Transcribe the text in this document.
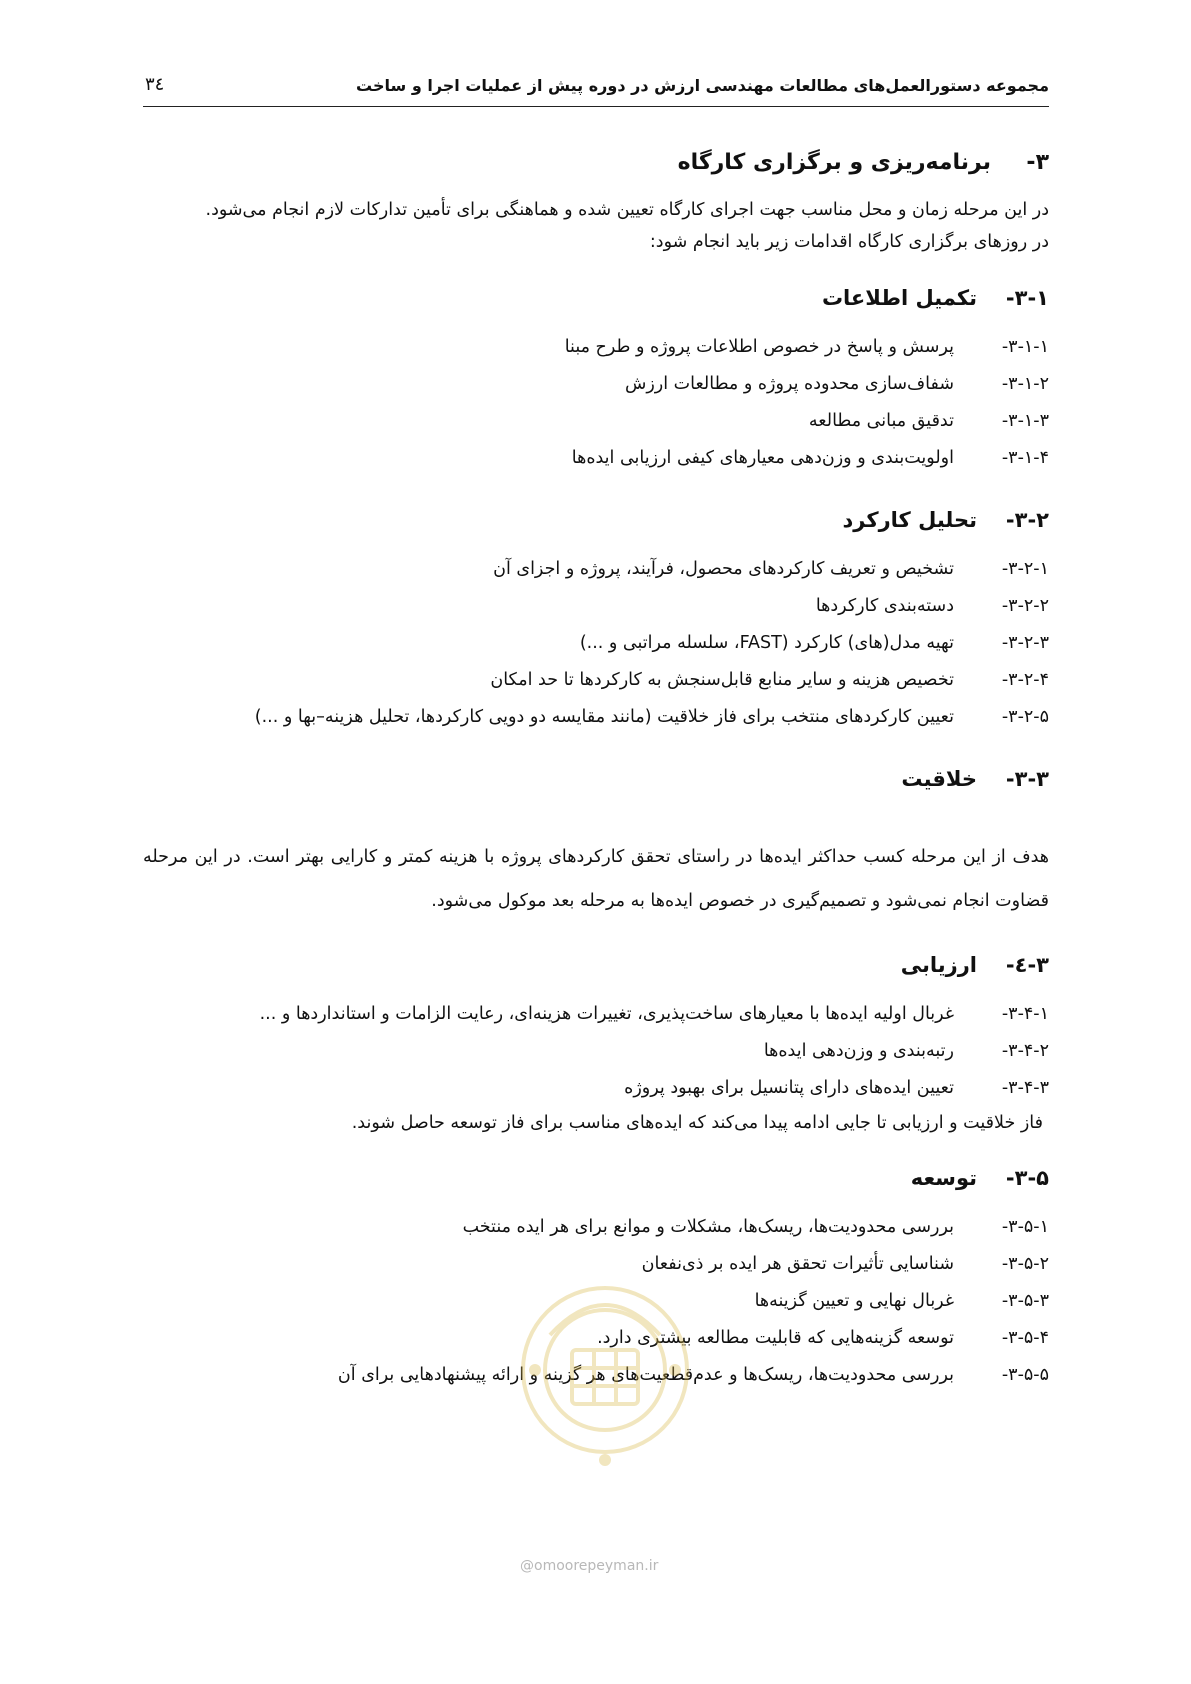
مجموعه دستورالعمل‌های مطالعات مهندسی ارزش در دوره پیش از عملیات اجرا و ساخت
۳٤
۳-برنامه‌ریزی و برگزاری کارگاه

در این مرحله زمان و محل مناسب جهت اجرای کارگاه تعیین شده و هماهنگی برای تأمین تدارکات لازم انجام می‌شود.

در روزهای برگزاری کارگاه اقدامات زیر باید انجام شود:

۳-۱-تکمیل اطلاعات
۳-۱-۱-پرسش و پاسخ در خصوص اطلاعات پروژه و طرح مبنا
۳-۱-۲-شفاف‌سازی محدوده پروژه و مطالعات ارزش
۳-۱-۳-تدقیق مبانی مطالعه
۳-۱-۴-اولویت‌بندی و وزن‌دهی معیارهای کیفی ارزیابی ایده‌ها
۳-۲-تحلیل کارکرد
۳-۲-۱-تشخیص و تعریف کارکردهای محصول، فرآیند، پروژه و اجزای آن
۳-۲-۲-دسته‌بندی کارکردها
۳-۲-۳-تهیه مدل(های) کارکرد (FAST، سلسله مراتبی و ...)
۳-۲-۴-تخصیص هزینه و سایر منابع قابل‌سنجش به کارکردها تا حد امکان
۳-۲-۵-تعیین کارکردهای منتخب برای فاز خلاقیت (مانند مقایسه دو دویی کارکردها، تحلیل هزینه–بها و ...)
۳-۳-خلاقیت

هدف از این مرحله کسب حداکثر ایده‌ها در راستای تحقق کارکردهای پروژه با هزینه کمتر و کارایی بهتر است. در این مرحله قضاوت انجام نمی‌شود و تصمیم‌گیری در خصوص ایده‌ها به مرحله بعد موکول می‌شود.

۳-٤-ارزیابی
۳-۴-۱-غربال اولیه ایده‌ها با معیارهای ساخت‌پذیری، تغییرات هزینه‌ای، رعایت الزامات و استانداردها و ...
۳-۴-۲-رتبه‌بندی و وزن‌دهی ایده‌ها
۳-۴-۳-تعیین ایده‌های دارای پتانسیل برای بهبود پروژه
فاز خلاقیت و ارزیابی تا جایی ادامه پیدا می‌کند که ایده‌های مناسب برای فاز توسعه حاصل شوند.
۳-۵-توسعه
۳-۵-۱-بررسی محدودیت‌ها، ریسک‌ها، مشکلات و موانع برای هر ایده منتخب
۳-۵-۲-شناسایی تأثیرات تحقق هر ایده بر ذی‌نفعان
۳-۵-۳-غربال نهایی و تعیین گزینه‌ها
۳-۵-۴-توسعه گزینه‌هایی که قابلیت مطالعه بیشتری دارد.
۳-۵-۵-بررسی محدودیت‌ها، ریسک‌ها و عدم‌قطعیت‌های هر گزینه و ارائه پیشنهادهایی برای آن
@omoorepeyman.ir
